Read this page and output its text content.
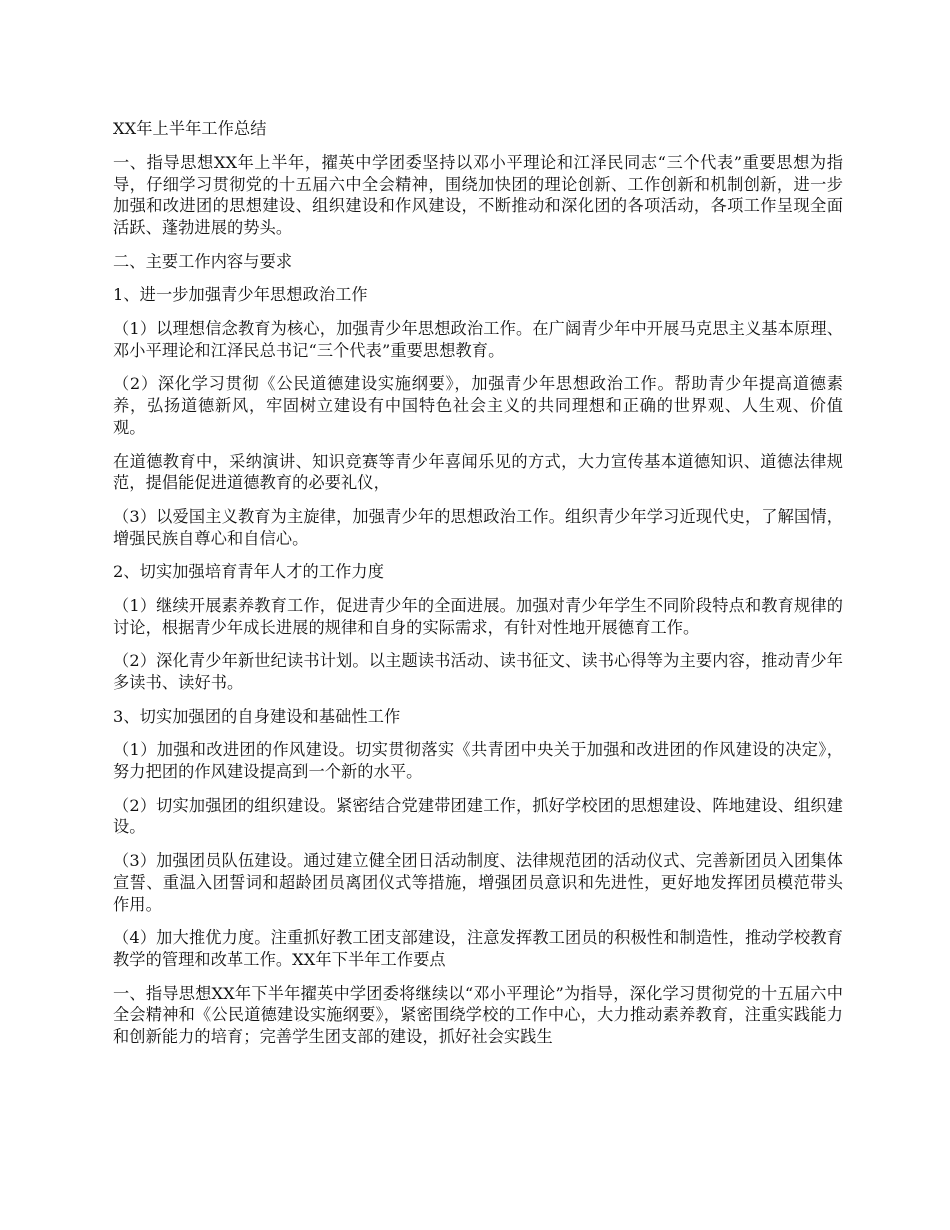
XX年上半年工作总结
一、指导思想XX年上半年，擢英中学团委坚持以邓小平理论和江泽民同志“三个代表”重要思想为指导，仔细学习贯彻党的十五届六中全会精神，围绕加快团的理论创新、工作创新和机制创新，进一步加强和改进团的思想建设、组织建设和作风建设，不断推动和深化团的各项活动，各项工作呈现全面活跃、蓬勃进展的势头。
二、主要工作内容与要求
1、进一步加强青少年思想政治工作
（1）以理想信念教育为核心，加强青少年思想政治工作。在广阔青少年中开展马克思主义基本原理、邓小平理论和江泽民总书记“三个代表”重要思想教育。
（2）深化学习贯彻《公民道德建设实施纲要》，加强青少年思想政治工作。帮助青少年提高道德素养，弘扬道德新风，牢固树立建设有中国特色社会主义的共同理想和正确的世界观、人生观、价值观。
在道德教育中，采纳演讲、知识竞赛等青少年喜闻乐见的方式，大力宣传基本道德知识、道德法律规范，提倡能促进道德教育的必要礼仪，
（3）以爱国主义教育为主旋律，加强青少年的思想政治工作。组织青少年学习近现代史，了解国情，增强民族自尊心和自信心。
2、切实加强培育青年人才的工作力度
（1）继续开展素养教育工作，促进青少年的全面进展。加强对青少年学生不同阶段特点和教育规律的讨论，根据青少年成长进展的规律和自身的实际需求，有针对性地开展德育工作。
（2）深化青少年新世纪读书计划。以主题读书活动、读书征文、读书心得等为主要内容，推动青少年多读书、读好书。
3、切实加强团的自身建设和基础性工作
（1）加强和改进团的作风建设。切实贯彻落实《共青团中央关于加强和改进团的作风建设的决定》，努力把团的作风建设提高到一个新的水平。
（2）切实加强团的组织建设。紧密结合党建带团建工作，抓好学校团的思想建设、阵地建设、组织建设。
（3）加强团员队伍建设。通过建立健全团日活动制度、法律规范团的活动仪式、完善新团员入团集体宣誓、重温入团誓词和超龄团员离团仪式等措施，增强团员意识和先进性，更好地发挥团员模范带头作用。
（4）加大推优力度。注重抓好教工团支部建设，注意发挥教工团员的积极性和制造性，推动学校教育教学的管理和改革工作。XX年下半年工作要点
一、指导思想XX年下半年擢英中学团委将继续以“邓小平理论”为指导，深化学习贯彻党的十五届六中全会精神和《公民道德建设实施纲要》，紧密围绕学校的工作中心，大力推动素养教育，注重实践能力和创新能力的培育；完善学生团支部的建设，抓好社会实践生
